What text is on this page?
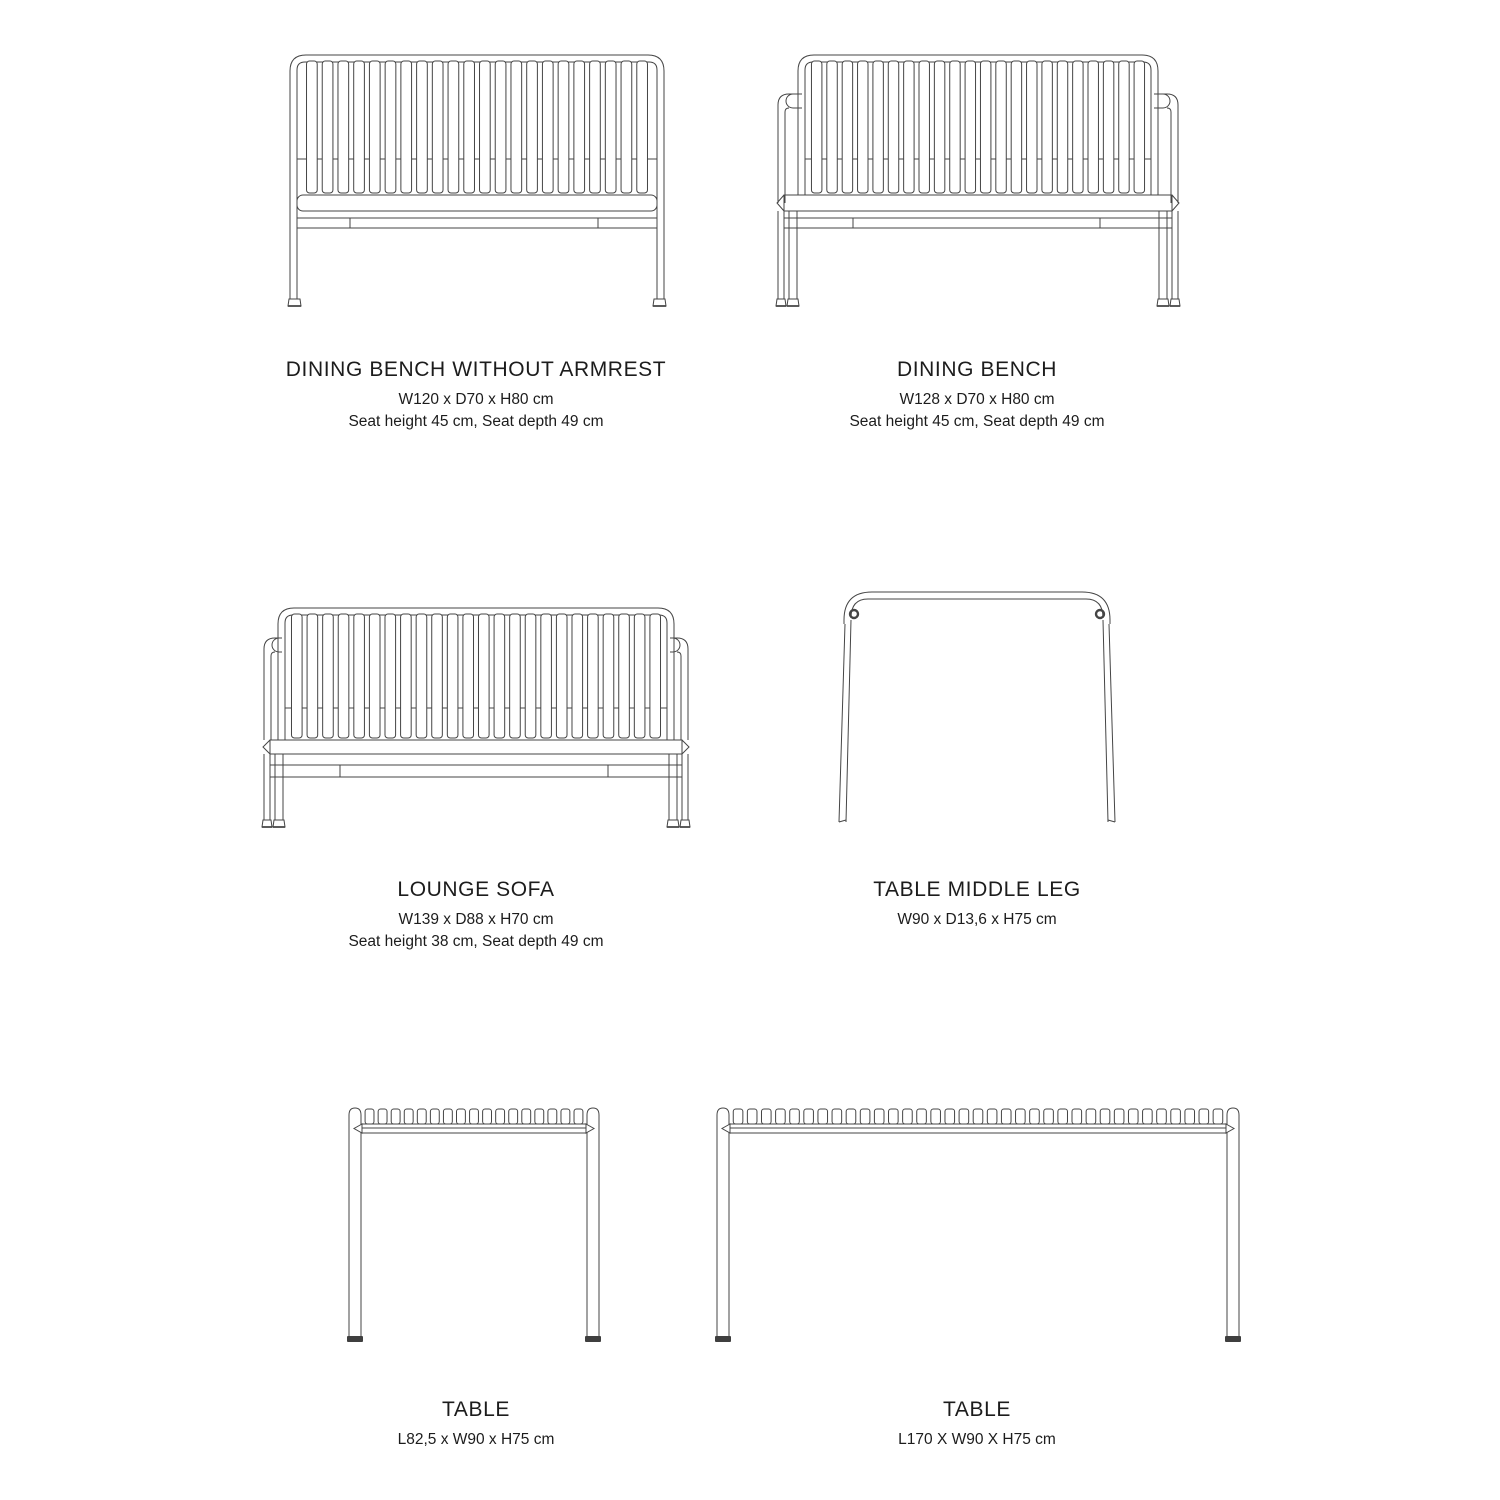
DINING BENCH WITHOUT ARMREST

W120 x D70 x H80 cm

Seat height 45 cm, Seat depth 49 cm

DINING BENCH

W128 x D70 x H80 cm

Seat height 45 cm, Seat depth 49 cm

LOUNGE SOFA

W139 x D88 x H70 cm

Seat height 38 cm, Seat depth 49 cm

TABLE MIDDLE LEG

W90 x D13,6 x H75 cm

TABLE

L82,5 x W90 x H75 cm

TABLE

L170 X W90 X H75 cm
